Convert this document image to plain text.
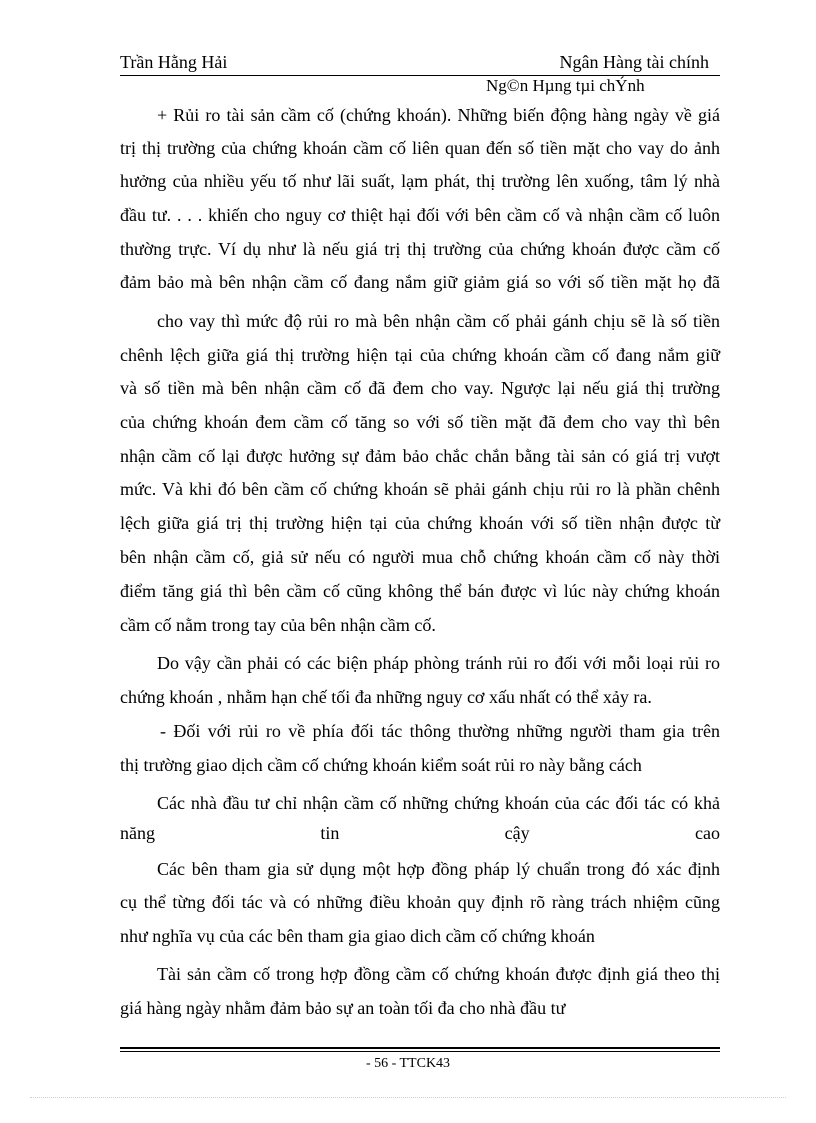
Trần Hằng Hải	Ngân Hàng tài chính
Ng©n Hµng tµi chÝnh
+ Rủi ro tài sản cầm cố (chứng khoán). Những biến động hàng ngày về giá
trị thị trường của chứng khoán cầm cố liên quan đến số tiền mặt cho vay do ảnh
hưởng của nhiều yếu tố như lãi suất, lạm phát, thị trường lên xuống, tâm lý nhà
đầu tư. . . . khiến cho nguy cơ thiệt hại đối với bên cầm cố và nhận cầm cố luôn
thường trực. Ví dụ như là nếu giá trị thị trường của chứng khoán được cầm cố
đảm bảo mà bên nhận cầm cố đang nắm giữ giảm giá so với số tiền mặt họ đã
cho vay thì mức độ rủi ro mà bên nhận cầm cố phải gánh chịu sẽ là số tiền
chênh lệch giữa giá thị trường hiện tại của chứng khoán cầm cố đang nắm giữ
và số tiền mà bên nhận cầm cố đã đem cho vay. Ngược lại nếu giá thị trường
của chứng khoán đem cầm cố tăng so với số tiền mặt đã đem cho vay thì bên
nhận cầm cố lại được hưởng sự đảm bảo chắc chắn bằng tài sản có giá trị vượt
mức. Và khi đó bên cầm cố chứng khoán sẽ phải gánh chịu rủi ro là phần chênh
lệch giữa giá trị thị trường hiện tại của chứng khoán với số tiền nhận được từ
bên nhận cầm cố, giả sử nếu có người mua chỗ chứng khoán cầm cố này thời
điểm tăng giá thì bên cầm cố cũng không thể bán được vì lúc này chứng khoán
cầm cố nằm trong tay của bên nhận cầm cố.
Do vậy cần phải có các biện pháp phòng tránh rủi ro đối với mỗi loại rủi ro
chứng khoán , nhằm hạn chế tối đa những nguy cơ xấu nhất có thể xảy ra.
- Đối với rủi ro về phía đối tác thông thường những người tham gia trên
thị trường giao dịch cầm cố chứng khoán kiểm soát rủi ro này bằng cách
Các nhà đầu tư chỉ nhận cầm cố những chứng khoán của các đối tác có khả
năng	tin	cậy	cao
Các bên tham gia sử dụng một hợp đồng pháp lý chuẩn trong đó xác định
cụ thể từng đối tác và có những điều khoản quy định rõ ràng trách nhiệm cũng
như nghĩa vụ của các bên tham gia giao dich cầm cố chứng khoán
Tài sản cầm cố trong hợp đồng cầm cố chứng khoán được định giá theo thị
giá hàng ngày nhằm đảm bảo sự an toàn tối đa cho nhà đầu tư
- 56 - TTCK43
